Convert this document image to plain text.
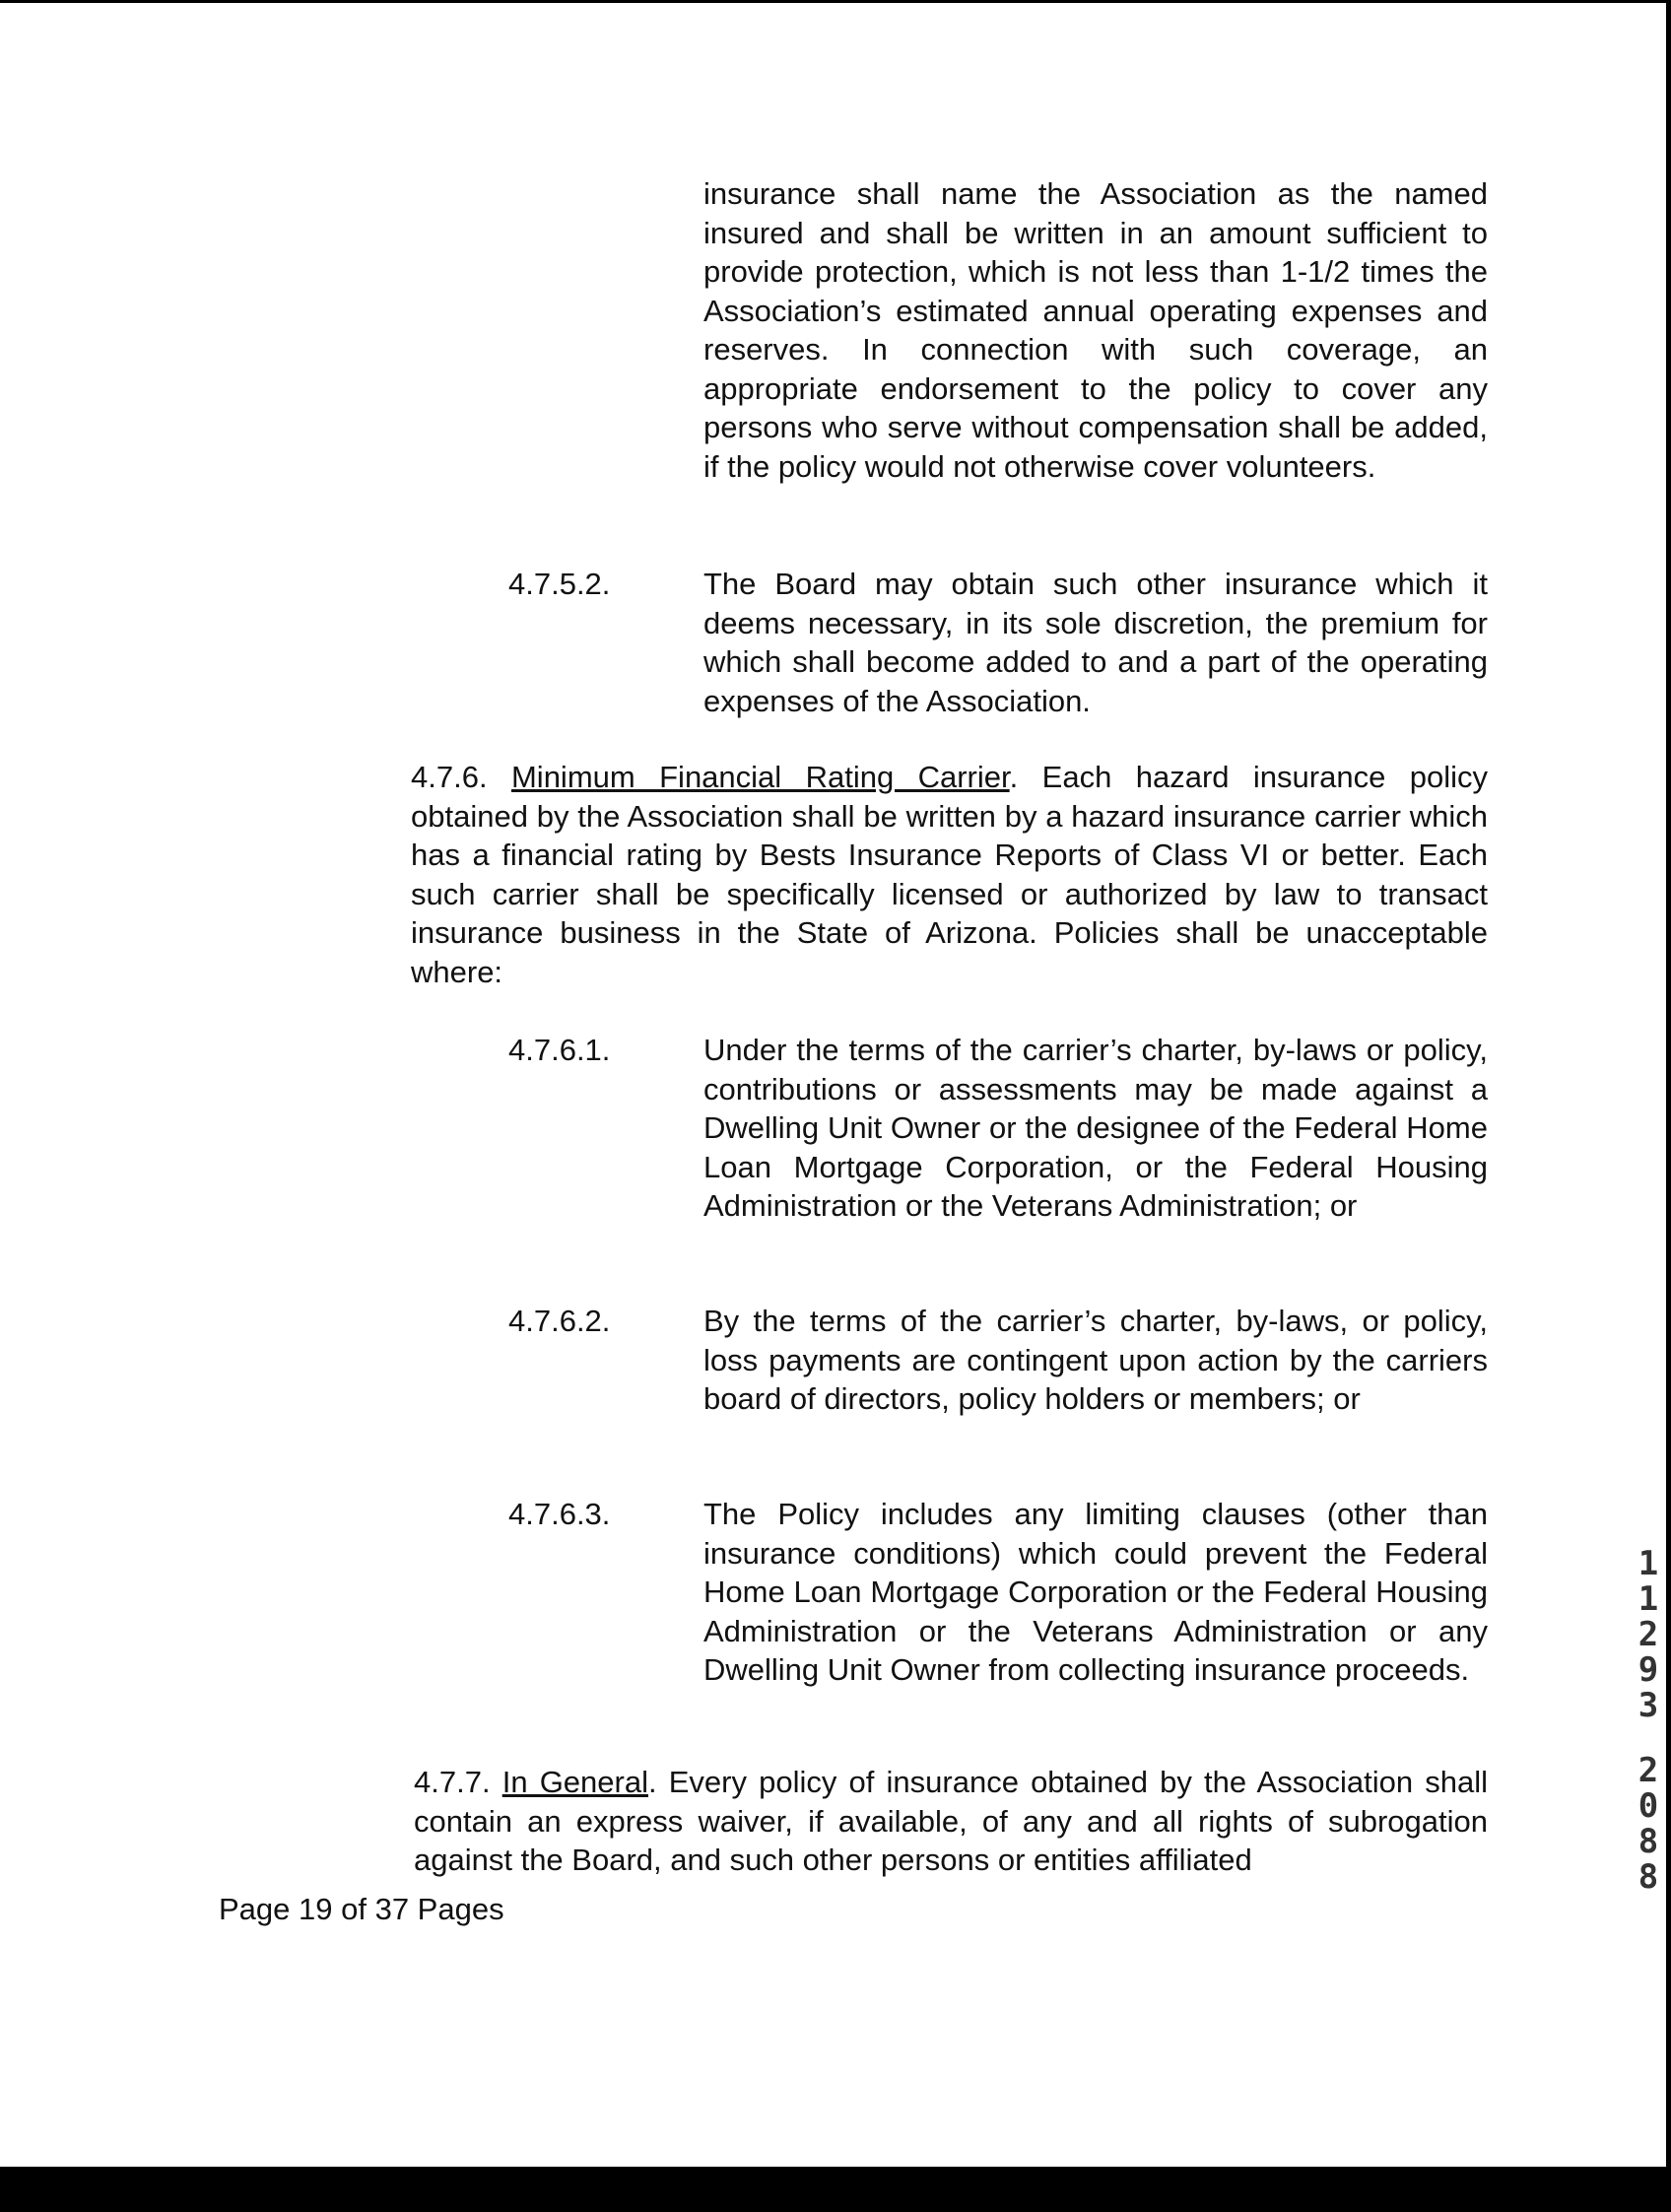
insurance shall name the Association as the named insured and shall be written in an amount sufficient to provide protection, which is not less than 1-1/2 times the Association’s estimated annual operating expenses and reserves. In connection with such coverage, an appropriate endorsement to the policy to cover any persons who serve without compensation shall be added, if the policy would not otherwise cover volunteers.

4.7.5.2.	The Board may obtain such other insurance which it deems necessary, in its sole discretion, the premium for which shall become added to and a part of the operating expenses of the Association.

4.7.6. Minimum Financial Rating Carrier. Each hazard insurance policy obtained by the Association shall be written by a hazard insurance carrier which has a financial rating by Bests Insurance Reports of Class VI or better. Each such carrier shall be specifically licensed or authorized by law to transact insurance business in the State of Arizona. Policies shall be unacceptable where:

4.7.6.1.	Under the terms of the carrier’s charter, by-laws or policy, contributions or assessments may be made against a Dwelling Unit Owner or the designee of the Federal Home Loan Mortgage Corporation, or the Federal Housing Administration or the Veterans Administration; or

4.7.6.2.	By the terms of the carrier’s charter, by-laws, or policy, loss payments are contingent upon action by the carriers board of directors, policy holders or members; or

4.7.6.3.	The Policy includes any limiting clauses (other than insurance conditions) which could prevent the Federal Home Loan Mortgage Corporation or the Federal Housing Administration or the Veterans Administration or any Dwelling Unit Owner from collecting insurance proceeds.

4.7.7. In General. Every policy of insurance obtained by the Association shall contain an express waiver, if available, of any and all rights of subrogation against the Board, and such other persons or entities affiliated

Page 19 of 37 Pages

1
1
2
9
3

2
0
8
8
